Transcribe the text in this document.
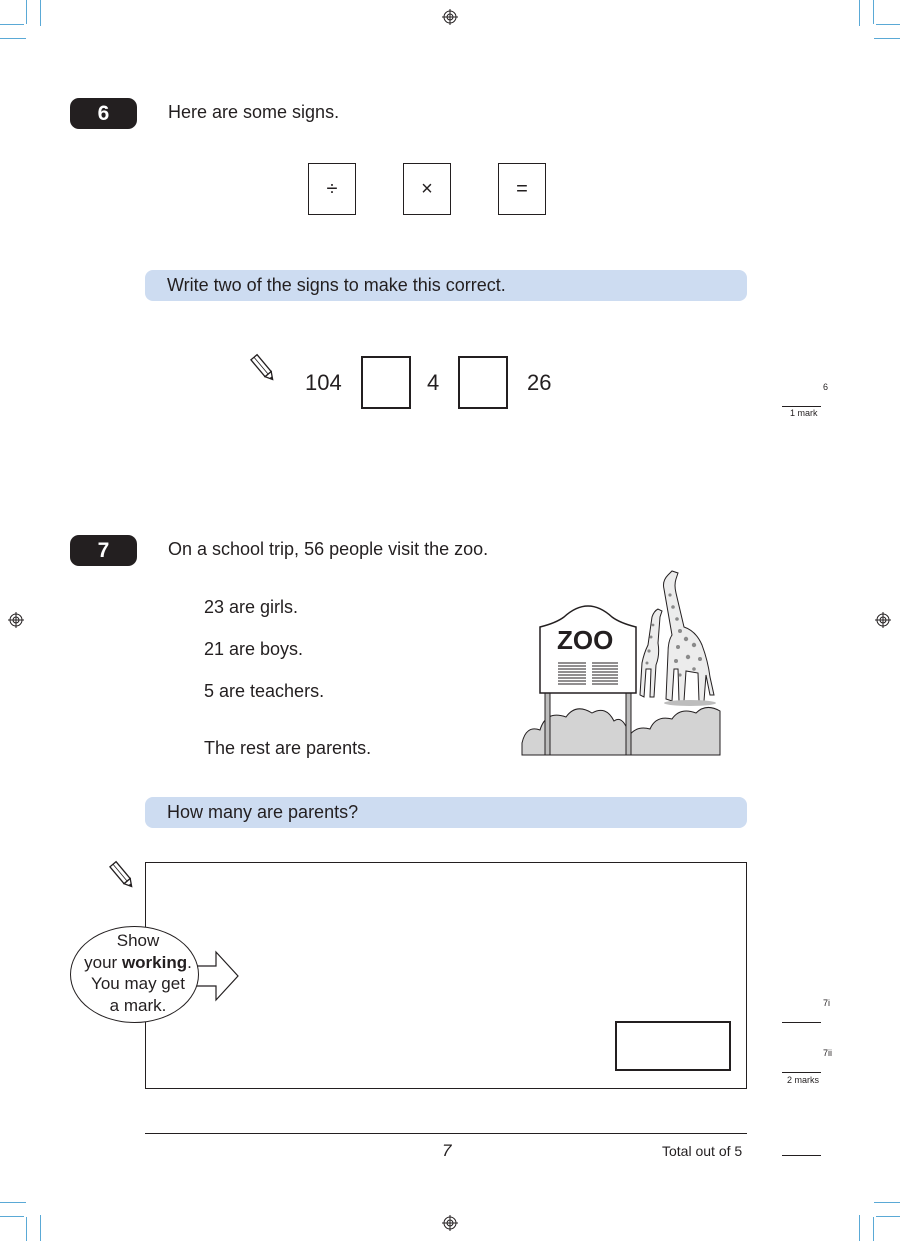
6	Here are some signs.
÷	×	=
Write two of the signs to make this correct.
104	4	26	6
1 mark
7	On a school trip, 56 people visit the zoo.
23 are girls.
21 are boys.
5 are teachers.
The rest are parents.
ZOO
How many are parents?
Show
your working.
You may get
a mark.	7i
7ii
2 marks
7	Total out of 5
